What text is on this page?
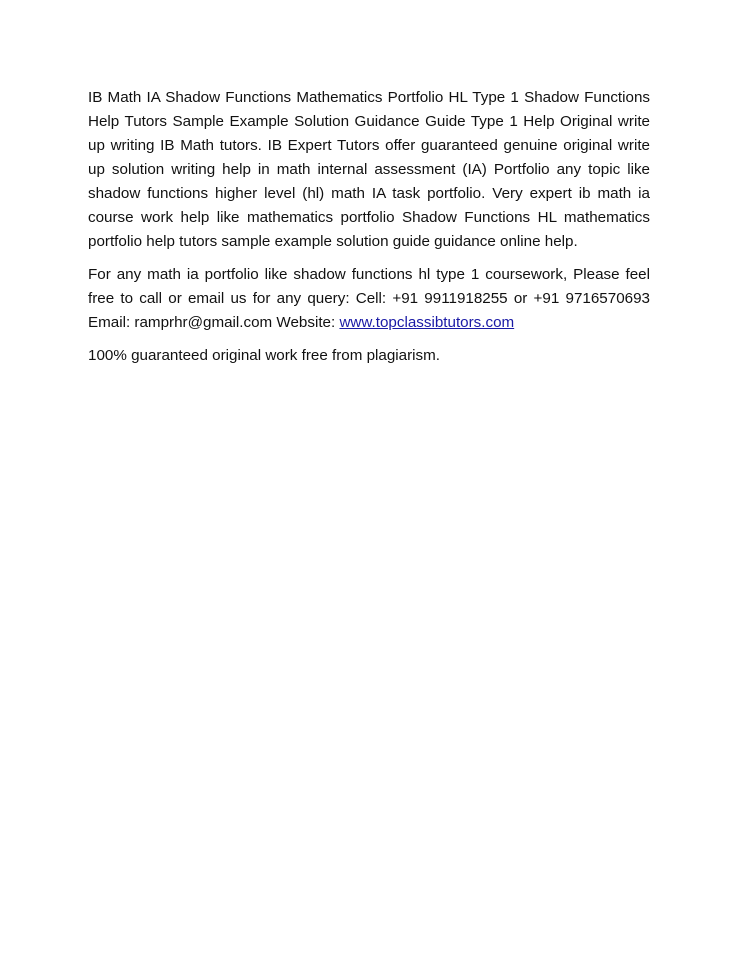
IB Math IA Shadow Functions Mathematics Portfolio HL Type 1 Shadow Functions Help Tutors Sample Example Solution Guidance Guide Type 1 Help Original write up writing IB Math tutors. IB Expert Tutors offer guaranteed genuine original write up solution writing help in math internal assessment (IA) Portfolio any topic like shadow functions higher level (hl) math IA task portfolio. Very expert ib math ia course work help like mathematics portfolio Shadow Functions HL mathematics portfolio help tutors sample example solution guide guidance online help.

For any math ia portfolio like shadow functions hl type 1 coursework, Please feel free to call or email us for any query: Cell: +91 9911918255 or +91 9716570693 Email: ramprhr@gmail.com Website: www.topclassibtutors.com

100% guaranteed original work free from plagiarism.
